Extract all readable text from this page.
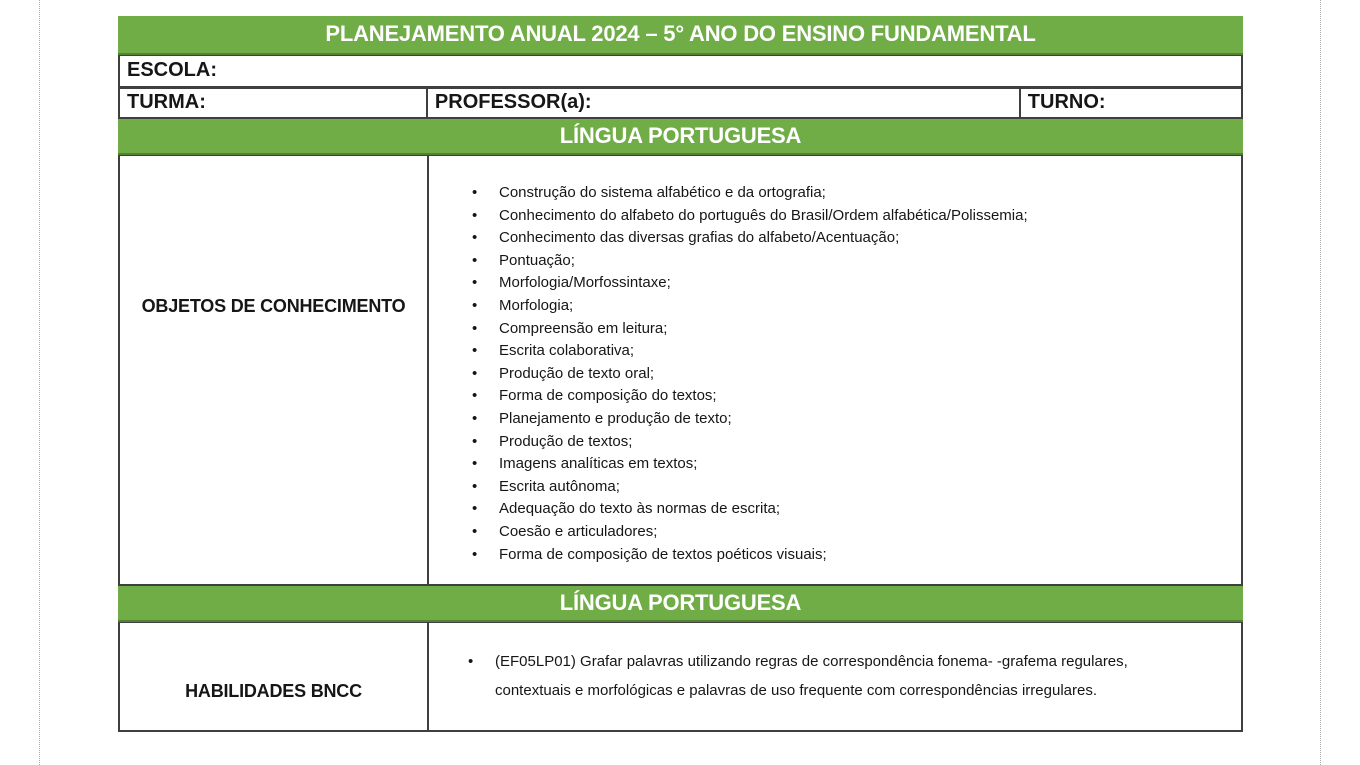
PLANEJAMENTO ANUAL 2024 – 5° ANO DO ENSINO FUNDAMENTAL
ESCOLA:
TURMA:	PROFESSOR(a):	TURNO:
LÍNGUA PORTUGUESA
OBJETOS DE CONHECIMENTO
• Construção do sistema alfabético e da ortografia;
• Conhecimento do alfabeto do português do Brasil/Ordem alfabética/Polissemia;
• Conhecimento das diversas grafias do alfabeto/Acentuação;
• Pontuação;
• Morfologia/Morfossintaxe;
• Morfologia;
• Compreensão em leitura;
• Escrita colaborativa;
• Produção de texto oral;
• Forma de composição do textos;
• Planejamento e produção de texto;
• Produção de textos;
• Imagens analíticas em textos;
• Escrita autônoma;
• Adequação do texto às normas de escrita;
• Coesão e articuladores;
• Forma de composição de textos poéticos visuais;
LÍNGUA PORTUGUESA
HABILIDADES BNCC
• (EF05LP01) Grafar palavras utilizando regras de correspondência fonema- -grafema regulares, contextuais e morfológicas e palavras de uso frequente com correspondências irregulares.
